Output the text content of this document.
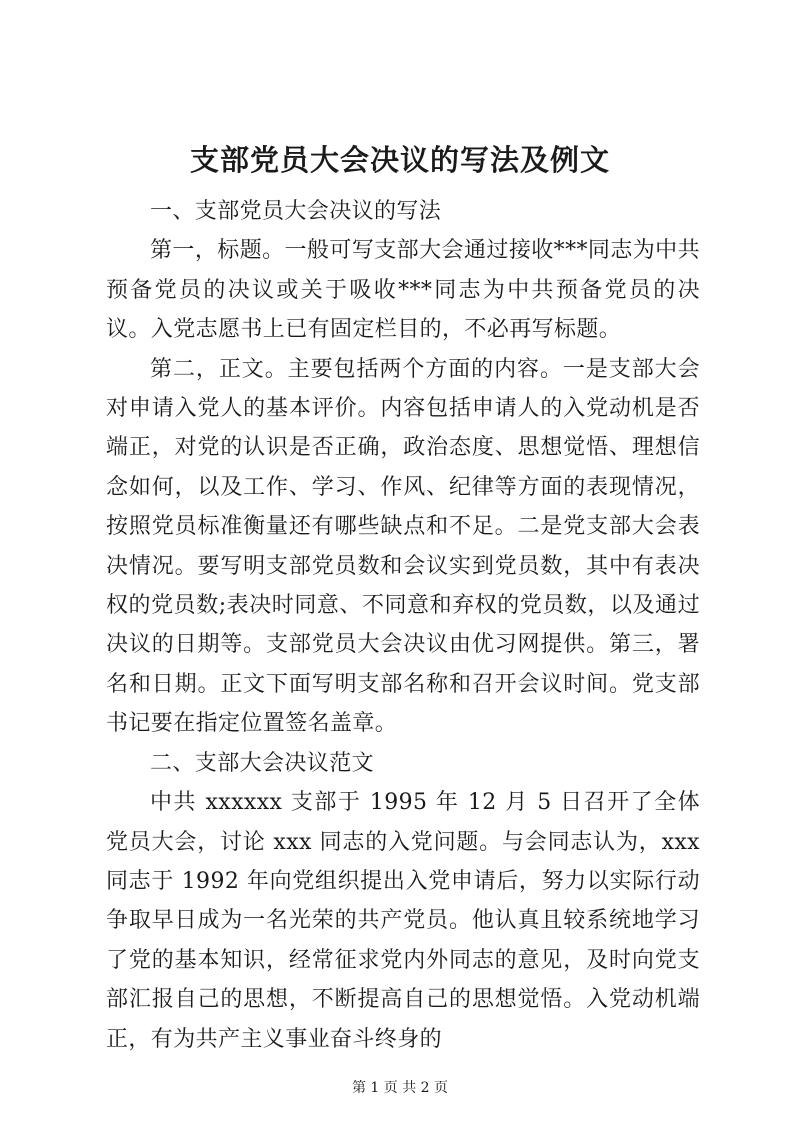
支部党员大会决议的写法及例文

一、支部党员大会决议的写法

第一，标题。一般可写支部大会通过接收***同志为中共预备党员的决议或关于吸收***同志为中共预备党员的决议。入党志愿书上已有固定栏目的，不必再写标题。

第二，正文。主要包括两个方面的内容。一是支部大会对申请入党人的基本评价。内容包括申请人的入党动机是否端正，对党的认识是否正确，政治态度、思想觉悟、理想信念如何，以及工作、学习、作风、纪律等方面的表现情况，按照党员标准衡量还有哪些缺点和不足。二是党支部大会表决情况。要写明支部党员数和会议实到党员数，其中有表决权的党员数;表决时同意、不同意和弃权的党员数，以及通过决议的日期等。支部党员大会决议由优习网提供。第三，署名和日期。正文下面写明支部名称和召开会议时间。党支部书记要在指定位置签名盖章。

二、支部大会决议范文

中共 xxxxxx 支部于 1995 年 12 月 5 日召开了全体党员大会，讨论 xxx 同志的入党问题。与会同志认为，xxx 同志于 1992 年向党组织提出入党申请后，努力以实际行动争取早日成为一名光荣的共产党员。他认真且较系统地学习了党的基本知识，经常征求党内外同志的意见，及时向党支部汇报自己的思想，不断提高自己的思想觉悟。入党动机端正，有为共产主义事业奋斗终身的

第 1 页 共 2 页
